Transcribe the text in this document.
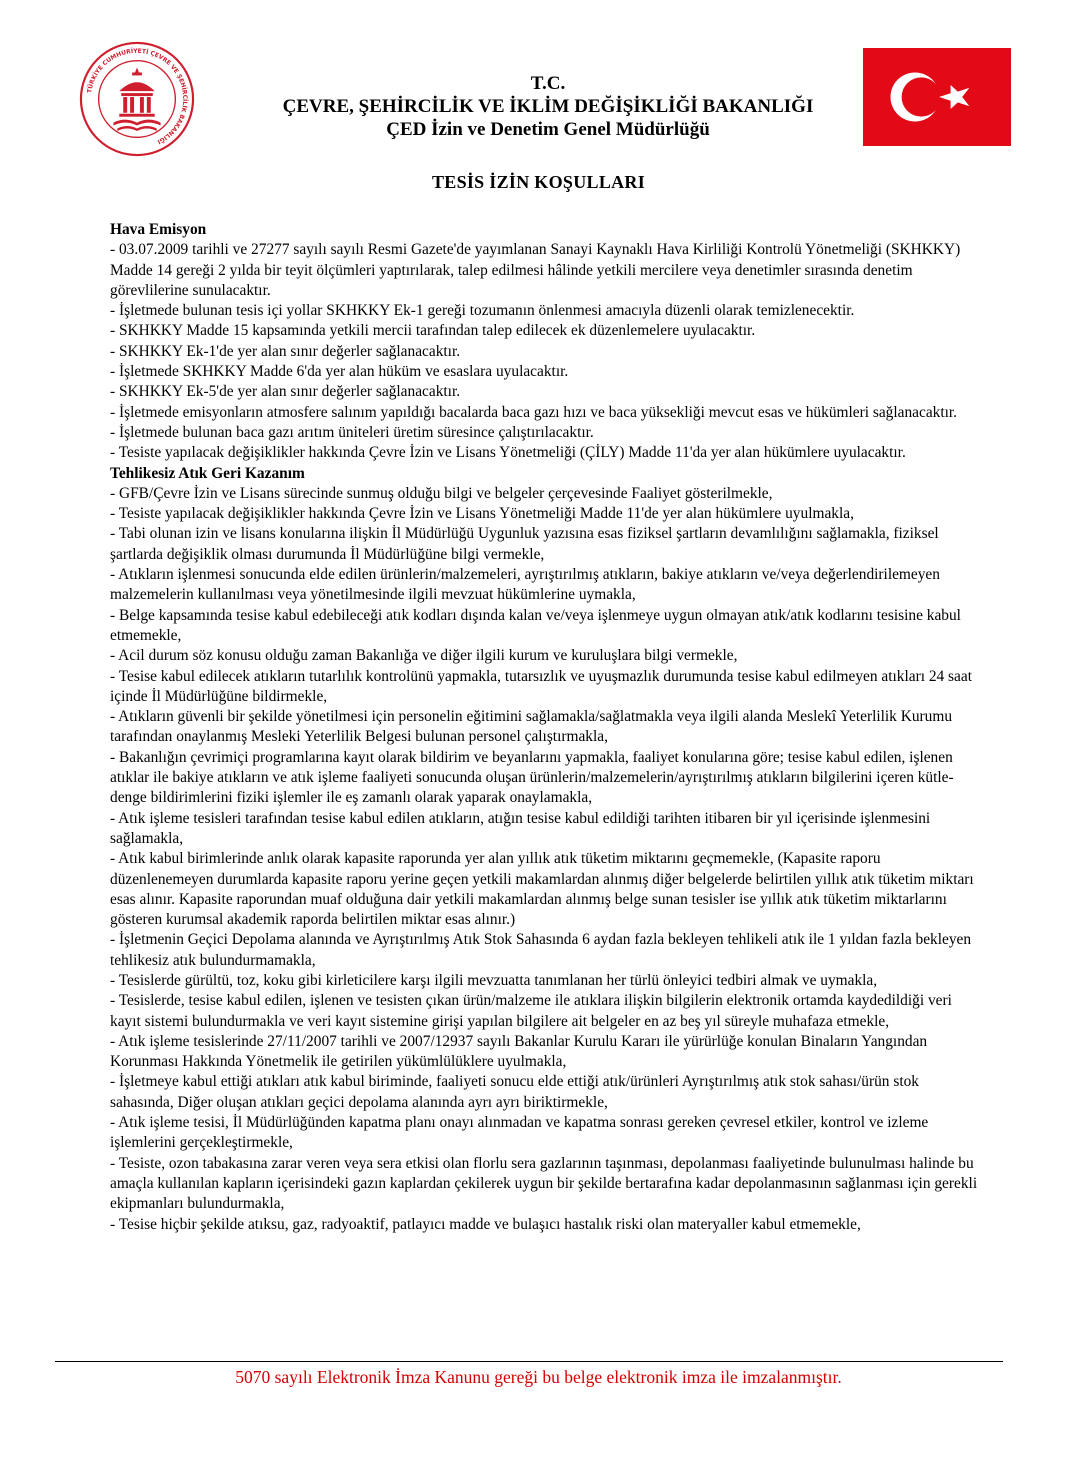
TÜRKİYE CUMHURİYETİ ÇEVRE VE ŞEHİRCİLİK BAKANLIĞI
T.C.
ÇEVRE, ŞEHİRCİLİK VE İKLİM DEĞİŞİKLİĞİ BAKANLIĞI
ÇED İzin ve Denetim Genel Müdürlüğü
TESİS İZİN KOŞULLARI
Hava Emisyon
- 03.07.2009 tarihli ve 27277 sayılı sayılı Resmi Gazete'de yayımlanan Sanayi Kaynaklı Hava Kirliliği Kontrolü Yönetmeliği (SKHKKY) Madde 14 gereği 2 yılda bir teyit ölçümleri yaptırılarak, talep edilmesi hâlinde yetkili mercilere veya denetimler sırasında denetim görevlilerine sunulacaktır.
- İşletmede bulunan tesis içi yollar SKHKKY Ek-1 gereği tozumanın önlenmesi amacıyla düzenli olarak temizlenecektir.
- SKHKKY Madde 15 kapsamında yetkili mercii tarafından talep edilecek ek düzenlemelere uyulacaktır.
- SKHKKY Ek-1'de yer alan sınır değerler sağlanacaktır.
- İşletmede SKHKKY Madde 6'da yer alan hüküm ve esaslara uyulacaktır.
- SKHKKY Ek-5'de yer alan sınır değerler sağlanacaktır.
- İşletmede emisyonların atmosfere salınım yapıldığı bacalarda baca gazı hızı ve baca yüksekliği mevcut esas ve hükümleri sağlanacaktır.
- İşletmede bulunan baca gazı arıtım üniteleri üretim süresince çalıştırılacaktır.
- Tesiste yapılacak değişiklikler hakkında Çevre İzin ve Lisans Yönetmeliği (ÇİLY) Madde 11'da yer alan hükümlere uyulacaktır.
Tehlikesiz Atık Geri Kazanım
- GFB/Çevre İzin ve Lisans sürecinde sunmuş olduğu bilgi ve belgeler çerçevesinde Faaliyet gösterilmekle,
- Tesiste yapılacak değişiklikler hakkında Çevre İzin ve Lisans Yönetmeliği Madde 11'de yer alan hükümlere uyulmakla,
- Tabi olunan izin ve lisans konularına ilişkin İl Müdürlüğü Uygunluk yazısına esas fiziksel şartların devamlılığını sağlamakla, fiziksel şartlarda değişiklik olması durumunda İl Müdürlüğüne bilgi vermekle,
- Atıkların işlenmesi sonucunda elde edilen ürünlerin/malzemeleri, ayrıştırılmış atıkların, bakiye atıkların ve/veya değerlendirilemeyen malzemelerin kullanılması veya yönetilmesinde ilgili mevzuat hükümlerine uymakla,
- Belge kapsamında tesise kabul edebileceği atık kodları dışında kalan ve/veya işlenmeye uygun olmayan atık/atık kodlarını tesisine kabul etmemekle,
- Acil durum söz konusu olduğu zaman Bakanlığa ve diğer ilgili kurum ve kuruluşlara bilgi vermekle,
- Tesise kabul edilecek atıkların tutarlılık kontrolünü yapmakla, tutarsızlık ve uyuşmazlık durumunda tesise kabul edilmeyen atıkları 24 saat içinde İl Müdürlüğüne bildirmekle,
- Atıkların güvenli bir şekilde yönetilmesi için personelin eğitimini sağlamakla/sağlatmakla veya ilgili alanda Meslekî Yeterlilik Kurumu tarafından onaylanmış Mesleki Yeterlilik Belgesi bulunan personel çalıştırmakla,
- Bakanlığın çevrimiçi programlarına kayıt olarak bildirim ve beyanlarını yapmakla, faaliyet konularına göre; tesise kabul edilen, işlenen atıklar ile bakiye atıkların ve atık işleme faaliyeti sonucunda oluşan ürünlerin/malzemelerin/ayrıştırılmış atıkların bilgilerini içeren kütle-denge bildirimlerini fiziki işlemler ile eş zamanlı olarak yaparak onaylamakla,
- Atık işleme tesisleri tarafından tesise kabul edilen atıkların, atığın tesise kabul edildiği tarihten itibaren bir yıl içerisinde işlenmesini sağlamakla,
- Atık kabul birimlerinde anlık olarak kapasite raporunda yer alan yıllık atık tüketim miktarını geçmemekle, (Kapasite raporu düzenlenemeyen durumlarda kapasite raporu yerine geçen yetkili makamlardan alınmış diğer belgelerde belirtilen yıllık atık tüketim miktarı esas alınır. Kapasite raporundan muaf olduğuna dair yetkili makamlardan alınmış belge sunan tesisler ise yıllık atık tüketim miktarlarını gösteren kurumsal akademik raporda belirtilen miktar esas alınır.)
- İşletmenin Geçici Depolama alanında ve Ayrıştırılmış Atık Stok Sahasında 6 aydan fazla bekleyen tehlikeli atık ile 1 yıldan fazla bekleyen tehlikesiz atık bulundurmamakla,
- Tesislerde gürültü, toz, koku gibi kirleticilere karşı ilgili mevzuatta tanımlanan her türlü önleyici tedbiri almak ve uymakla,
- Tesislerde, tesise kabul edilen, işlenen ve tesisten çıkan ürün/malzeme ile atıklara ilişkin bilgilerin elektronik ortamda kaydedildiği veri kayıt sistemi bulundurmakla ve veri kayıt sistemine girişi yapılan bilgilere ait belgeler en az beş yıl süreyle muhafaza etmekle,
- Atık işleme tesislerinde 27/11/2007 tarihli ve 2007/12937 sayılı Bakanlar Kurulu Kararı ile yürürlüğe konulan Binaların Yangından Korunması Hakkında Yönetmelik ile getirilen yükümlülüklere uyulmakla,
- İşletmeye kabul ettiği atıkları atık kabul biriminde, faaliyeti sonucu elde ettiği atık/ürünleri Ayrıştırılmış atık stok sahası/ürün stok sahasında, Diğer oluşan atıkları geçici depolama alanında ayrı ayrı biriktirmekle,
- Atık işleme tesisi, İl Müdürlüğünden kapatma planı onayı alınmadan ve kapatma sonrası gereken çevresel etkiler, kontrol ve izleme işlemlerini gerçekleştirmekle,
- Tesiste, ozon tabakasına zarar veren veya sera etkisi olan florlu sera gazlarının taşınması, depolanması faaliyetinde bulunulması halinde bu amaçla kullanılan kapların içerisindeki gazın kaplardan çekilerek uygun bir şekilde bertarafına kadar depolanmasının sağlanması için gerekli ekipmanları bulundurmakla,
- Tesise hiçbir şekilde atıksu, gaz, radyoaktif, patlayıcı madde ve bulaşıcı hastalık riski olan materyaller kabul etmemekle,
5070 sayılı Elektronik İmza Kanunu gereği bu belge elektronik imza ile imzalanmıştır.
